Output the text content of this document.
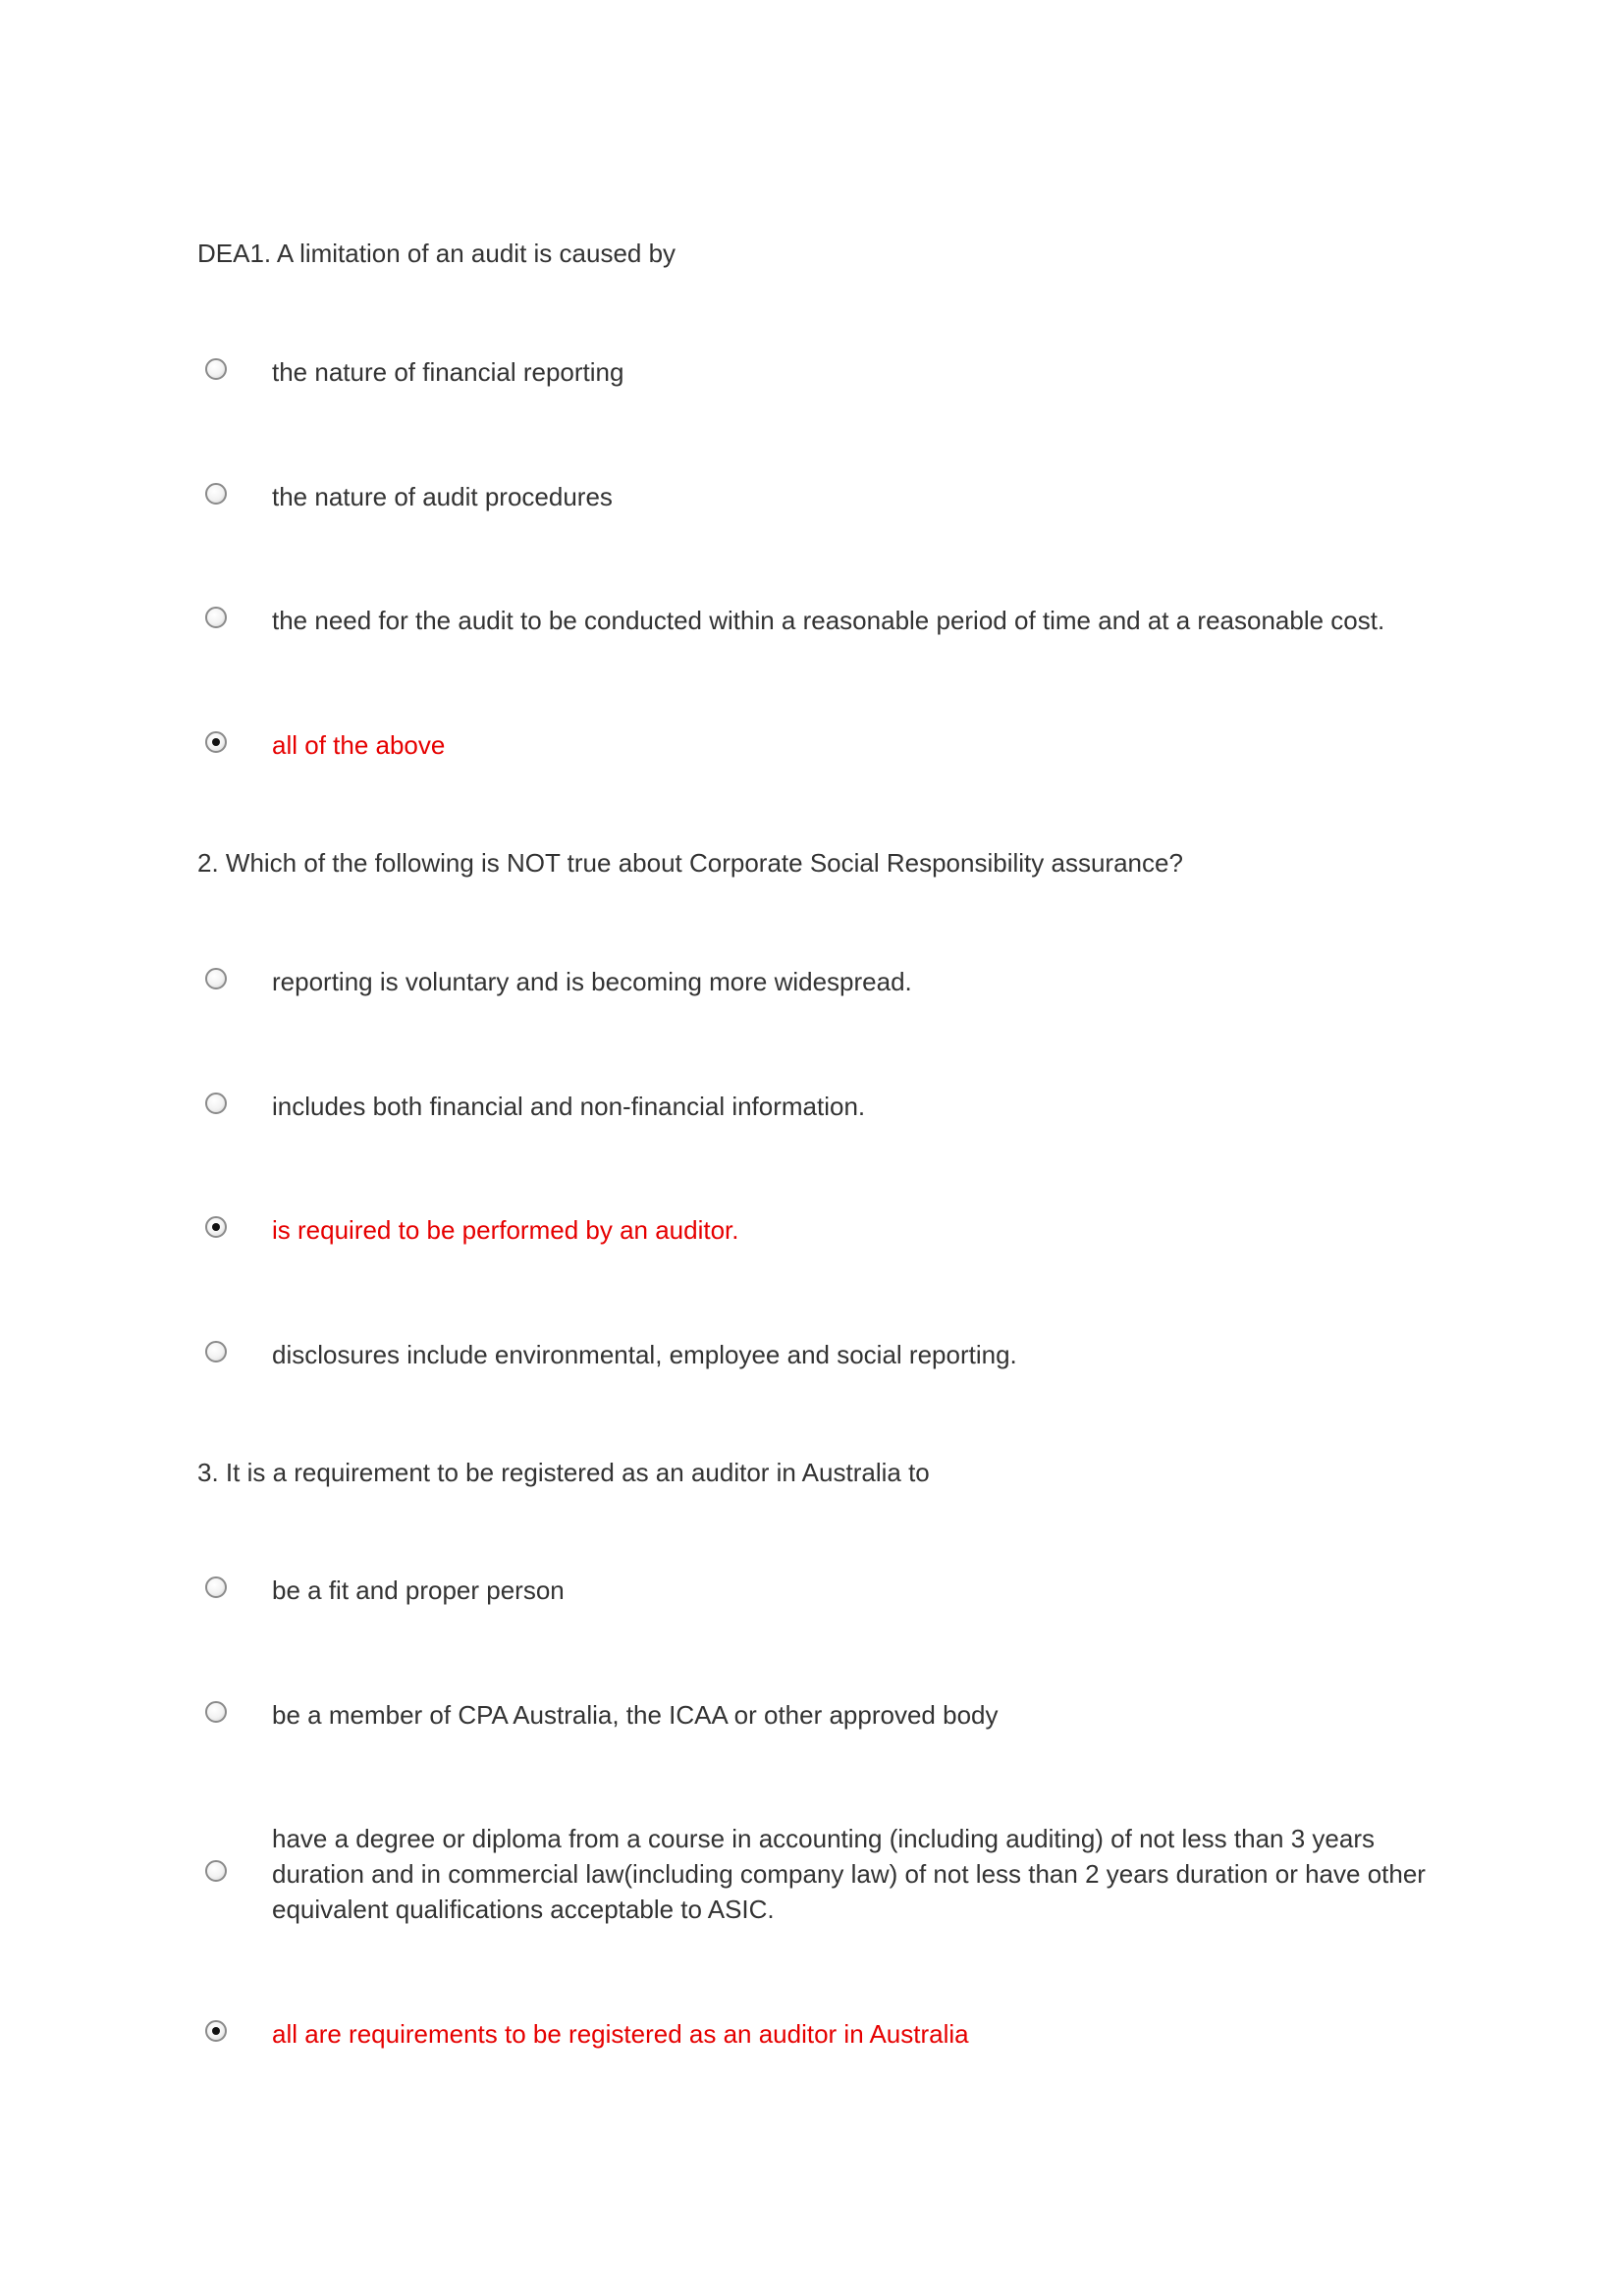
DEA1. A limitation of an audit is caused by
the nature of financial reporting
the nature of audit procedures
the need for the audit to be conducted within a reasonable period of time and at a reasonable cost.
all of the above
2. Which of the following is NOT true about Corporate Social Responsibility assurance?
reporting is voluntary and is becoming more widespread.
includes both financial and non-financial information.
is required to be performed by an auditor.
disclosures include environmental, employee and social reporting.
3. It is a requirement to be registered as an auditor in Australia to
be a fit and proper person
be a member of CPA Australia, the ICAA or other approved body
have a degree or diploma from a course in accounting (including auditing) of not less than 3 years duration and in commercial law(including company law) of not less than 2 years duration or have other equivalent qualifications acceptable to ASIC.
all are requirements to be registered as an auditor in Australia
